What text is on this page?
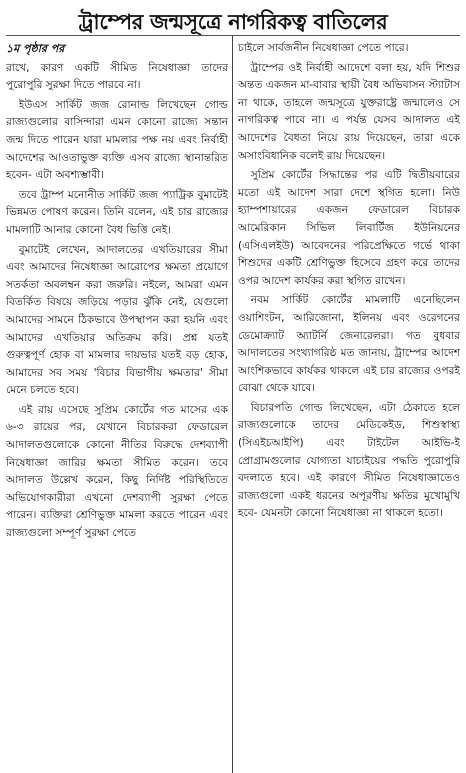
ট্রাম্পের জন্মসূত্রে নাগরিকত্ব বাতিলের
১ম পৃষ্ঠার পর

রাখে, কারণ একটি সীমিত নিষেধাজ্ঞা তাদের পুরোপুরি সুরক্ষা দিতে পারবে না।

ইউএস সার্কিট জজ রোনাল্ড লিখেছেন গোল্ড রাজ্যগুলোর বাসিন্দারা এমন কোনো রাজ্যে সন্তান জন্ম দিতে পারেন যারা মামলার পক্ষ নয় এবং নির্বাহী আদেশের আওতাভুক্ত ব্যক্তি এসব রাজ্যে স্থানান্তরিত হবেন- এটা অবশ্যম্ভাবী।

তবে ট্রাম্প মনোনীত সার্কিট জজ প্যাট্রিক বুমাটেই ভিন্নমত পোষণ করেন। তিনি বলেন, এই চার রাজ্যের মামলাটি আনার কোনো বৈধ ভিত্তি নেই।

বুমাটেই লেখেন, আদালতের এখতিয়ারের সীমা এবং আমাদের নিষেধাজ্ঞা আরোপের ক্ষমতা প্রয়োগে সতর্কতা অবলম্বন করা জরুরি। নইলে, আমরা এমন বিতর্কিত বিষয়ে জড়িয়ে পড়ার ঝুঁকি নেই, যেগুলো আমাদের সামনে ঠিকভাবে উপস্থাপন করা হয়নি এবং আমাদের এখতিয়ার অতিক্রম করি। প্রশ্ন যতই গুরুত্বপূর্ণ হোক বা মামলার দায়ভার যতই বড় হোক, আমাদের সব সময় 'বিচার বিভাগীয় ক্ষমতার' সীমা মেনে চলতে হবে।

এই রায় এসেছে সুপ্রিম কোর্টের গত মাসের এক ৬-৩ রায়ের পর, যেখানে বিচারকরা ফেডারেল আদালতগুলোকে কোনো নীতির বিরুদ্ধে দেশব্যাপী নিষেধাজ্ঞা জারির ক্ষমতা সীমিত করেন। তবে আদালত উল্লেখ করেন, কিছু নির্দিষ্ট পরিস্থিতিতে অভিযোগকারীরা এখনো দেশব্যাপী সুরক্ষা পেতে পারেন। ব্যক্তিরা শ্রেণিভুক্ত মামলা করতে পারেন এবং রাজ্যগুলো সম্পূর্ণ সুরক্ষা পেতে

চাইলে সার্বজনীন নিষেধাজ্ঞা পেতে পারে।

ট্রাম্পের ওই নির্বাহী আদেশে বলা হয়, যদি শিশুর অন্তত একজন মা-বাবার স্থায়ী বৈধ অভিবাসন স্ট্যাটাস না থাকে, তাহলে জন্মসূত্রে যুক্তরাষ্ট্রে জন্মালেও সে নাগরিকত্ব পাবে না। এ পর্যন্ত যেসব আদালত এই আদেশের বৈধতা নিয়ে রায় দিয়েছেন, তারা একে অসাংবিধানিক বলেই রায় দিয়েছেন।

সুপ্রিম কোর্টের সিদ্ধান্তের পর এটি দ্বিতীয়বারের মতো এই আদেশ সারা দেশে স্থগিত হলো। নিউ হ্যাম্পশায়ারের একজন ফেডারেল বিচারক আমেরিকান সিভিল লিবার্টিজ ইউনিয়নের (এসিএলইউ) আবেদনের পরিপ্রেক্ষিতে গর্ভে থাকা শিশুদের একটি শ্রেণিভুক্ত হিসেবে গ্রহণ করে তাদের ওপর আদেশ কার্যকর করা স্থগিত রাখেন।

নবম সার্কিট কোর্টের মামলাটি এনেছিলেন ওয়াশিংটন, আরিজোনা, ইলিনয় এবং ওরেগনের ডেমোক্র্যাট অ্যাটর্নি জেনারেলরা। গত বুধবার আদালতের সংখ্যাগরিষ্ঠ মত জানায়, ট্রাম্পের আদেশ আংশিকভাবে কার্যকর থাকলে এই চার রাজ্যের ওপরই বোঝা থেকে যাবে।

বিচারপতি গোল্ড লিখেছেন, এটা ঠেকাতে হলে রাজ্যগুলোকে তাদের মেডিকেইড, শিশুস্বাস্থ্য (সিএইচআইপি) এবং টাইটেল আইভি-ই প্রোগ্রামগুলোর যোগ্যতা যাচাইয়ের পদ্ধতি পুরোপুরি বদলাতে হবে। এই কারণে সীমিত নিষেধাজ্ঞাতেও রাজ্যগুলো একই ধরনের অপূরণীয় ক্ষতির মুখোমুখি হবে- যেমনটা কোনো নিষেধাজ্ঞা না থাকলে হতো।
